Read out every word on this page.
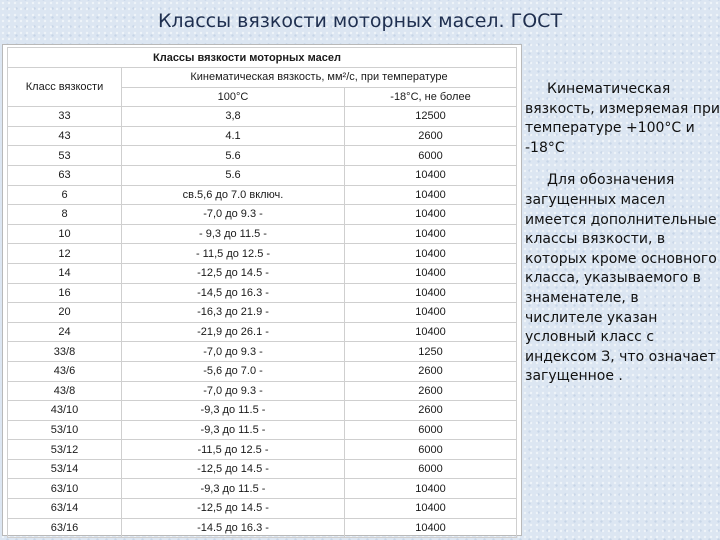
Классы вязкости моторных масел. ГОСТ
Классы вязкости моторных масел		
Класс вязкости	Кинематическая вязкость, мм²/с, при температуре	
	100°С	-18°С, не более
33	3,8	12500
43	4.1	2600
53	5.6	6000
63	5.6	10400
6	св.5,6 до 7.0 включ.	10400
8	-7,0 до 9.3 -	10400
10	- 9,3 до 11.5 -	10400
12	- 11,5 до 12.5 -	10400
14	-12,5 до 14.5 -	10400
16	-14,5 до 16.3 -	10400
20	-16,3 до 21.9 -	10400
24	-21,9 до 26.1 -	10400
33/8	-7,0 до 9.3 -	1250
43/6	-5,6 до 7.0 -	2600
43/8	-7,0 до 9.3 -	2600
43/10	-9,3 до 11.5 -	2600
53/10	-9,3 до 11.5 -	6000
53/12	-11,5 до 12.5 -	6000
53/14	-12,5 до 14.5 -	6000
63/10	-9,3 до 11.5 -	10400
63/14	-12,5 до 14.5 -	10400
63/16	-14.5 до 16.3 -	10400

Кинематическая вязкость, измеряемая при температуре +100°С и -18°С

Для обозначения загущенных масел имеется дополнительные классы вязкости, в которых кроме основного класса, указываемого в знаменателе, в числителе указан условный класс с индексом З, что означает загущенное .
